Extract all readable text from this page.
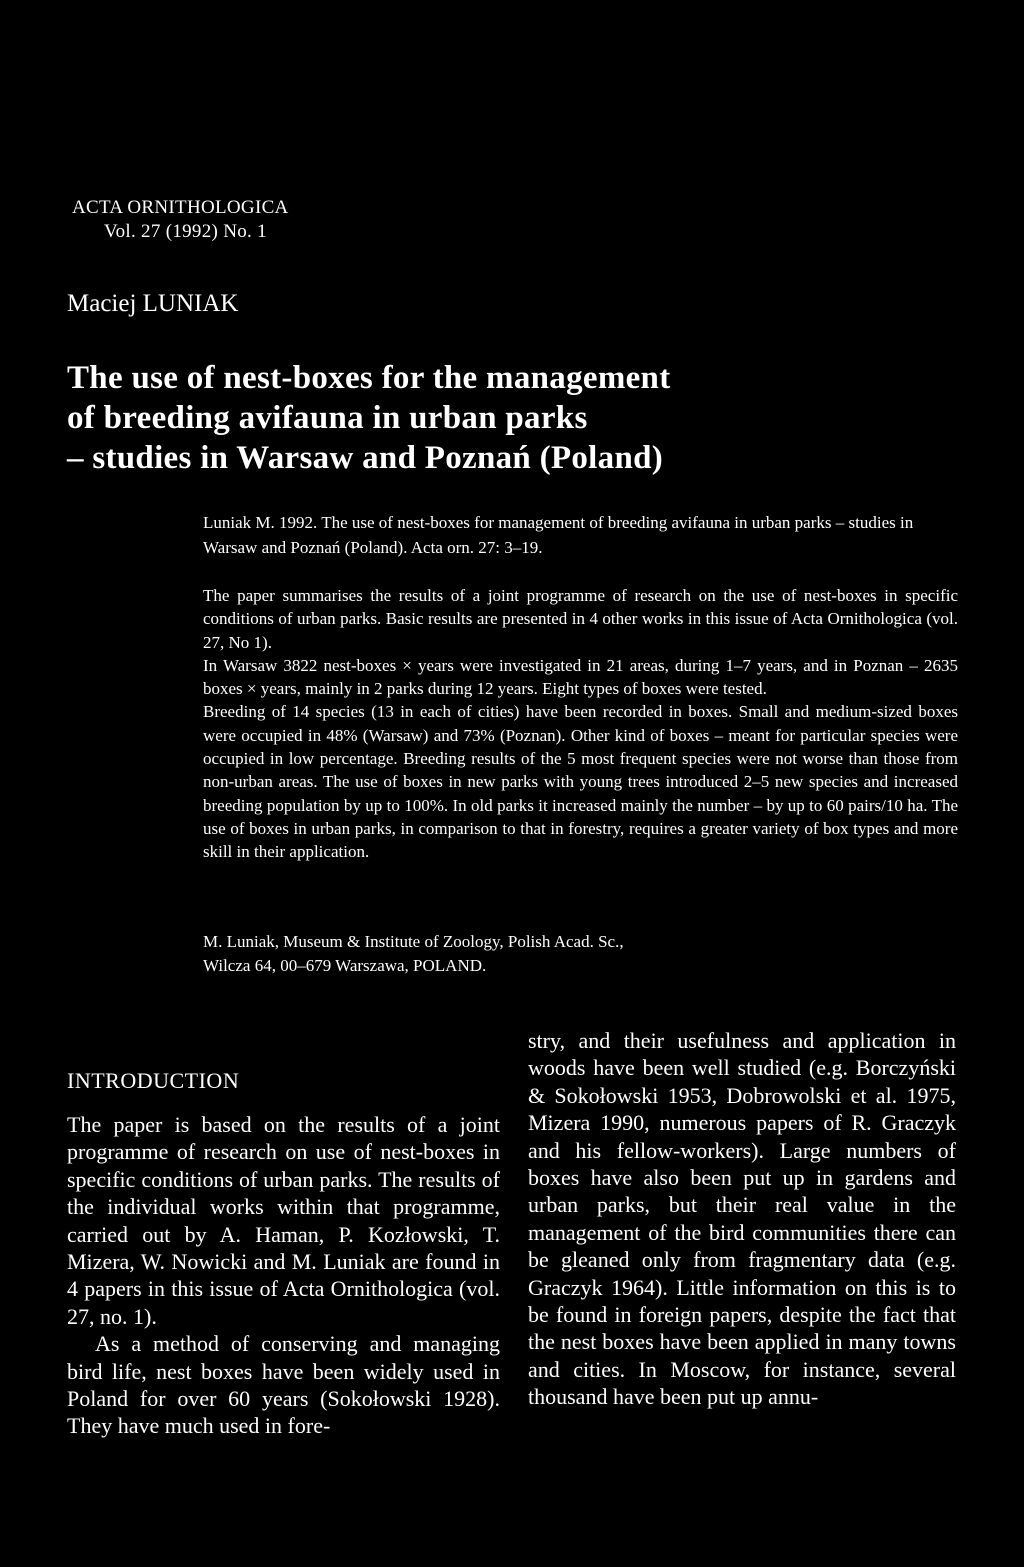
ACTA ORNITHOLOGICA
Vol. 27 (1992) No. 1
Maciej LUNIAK
The use of nest-boxes for the management
of breeding avifauna in urban parks
– studies in Warsaw and Poznań (Poland)
Luniak M. 1992. The use of nest-boxes for management of breeding avifauna in urban parks – studies in Warsaw and Poznań (Poland). Acta orn. 27: 3–19.

The paper summarises the results of a joint programme of research on the use of nest-boxes in specific conditions of urban parks. Basic results are presented in 4 other works in this issue of Acta Ornithologica (vol. 27, No 1).

In Warsaw 3822 nest-boxes × years were investigated in 21 areas, during 1–7 years, and in Poznan – 2635 boxes × years, mainly in 2 parks during 12 years. Eight types of boxes were tested.

Breeding of 14 species (13 in each of cities) have been recorded in boxes. Small and medium-sized boxes were occupied in 48% (Warsaw) and 73% (Poznan). Other kind of boxes – meant for particular species were occupied in low percentage. Breeding results of the 5 most frequent species were not worse than those from non-urban areas. The use of boxes in new parks with young trees introduced 2–5 new species and increased breeding population by up to 100%. In old parks it increased mainly the number – by up to 60 pairs/10 ha. The use of boxes in urban parks, in comparison to that in forestry, requires a greater variety of box types and more skill in their application.

M. Luniak, Museum & Institute of Zoology, Polish Acad. Sc.,
Wilcza 64, 00–679 Warszawa, POLAND.
INTRODUCTION

The paper is based on the results of a joint programme of research on use of nest-boxes in specific conditions of urban parks. The results of the individual works within that programme, carried out by A. Haman, P. Kozłowski, T. Mizera, W. Nowicki and M. Luniak are found in 4 papers in this issue of Acta Ornithologica (vol. 27, no. 1).

As a method of conserving and managing bird life, nest boxes have been widely used in Poland for over 60 years (Sokołowski 1928). They have much used in fore-

stry, and their usefulness and application in woods have been well studied (e.g. Borczyński & Sokołowski 1953, Dobrowolski et al. 1975, Mizera 1990, numerous papers of R. Graczyk and his fellow-workers). Large numbers of boxes have also been put up in gardens and urban parks, but their real value in the management of the bird communities there can be gleaned only from fragmentary data (e.g. Graczyk 1964). Little information on this is to be found in foreign papers, despite the fact that the nest boxes have been applied in many towns and cities. In Moscow, for instance, several thousand have been put up annu-
